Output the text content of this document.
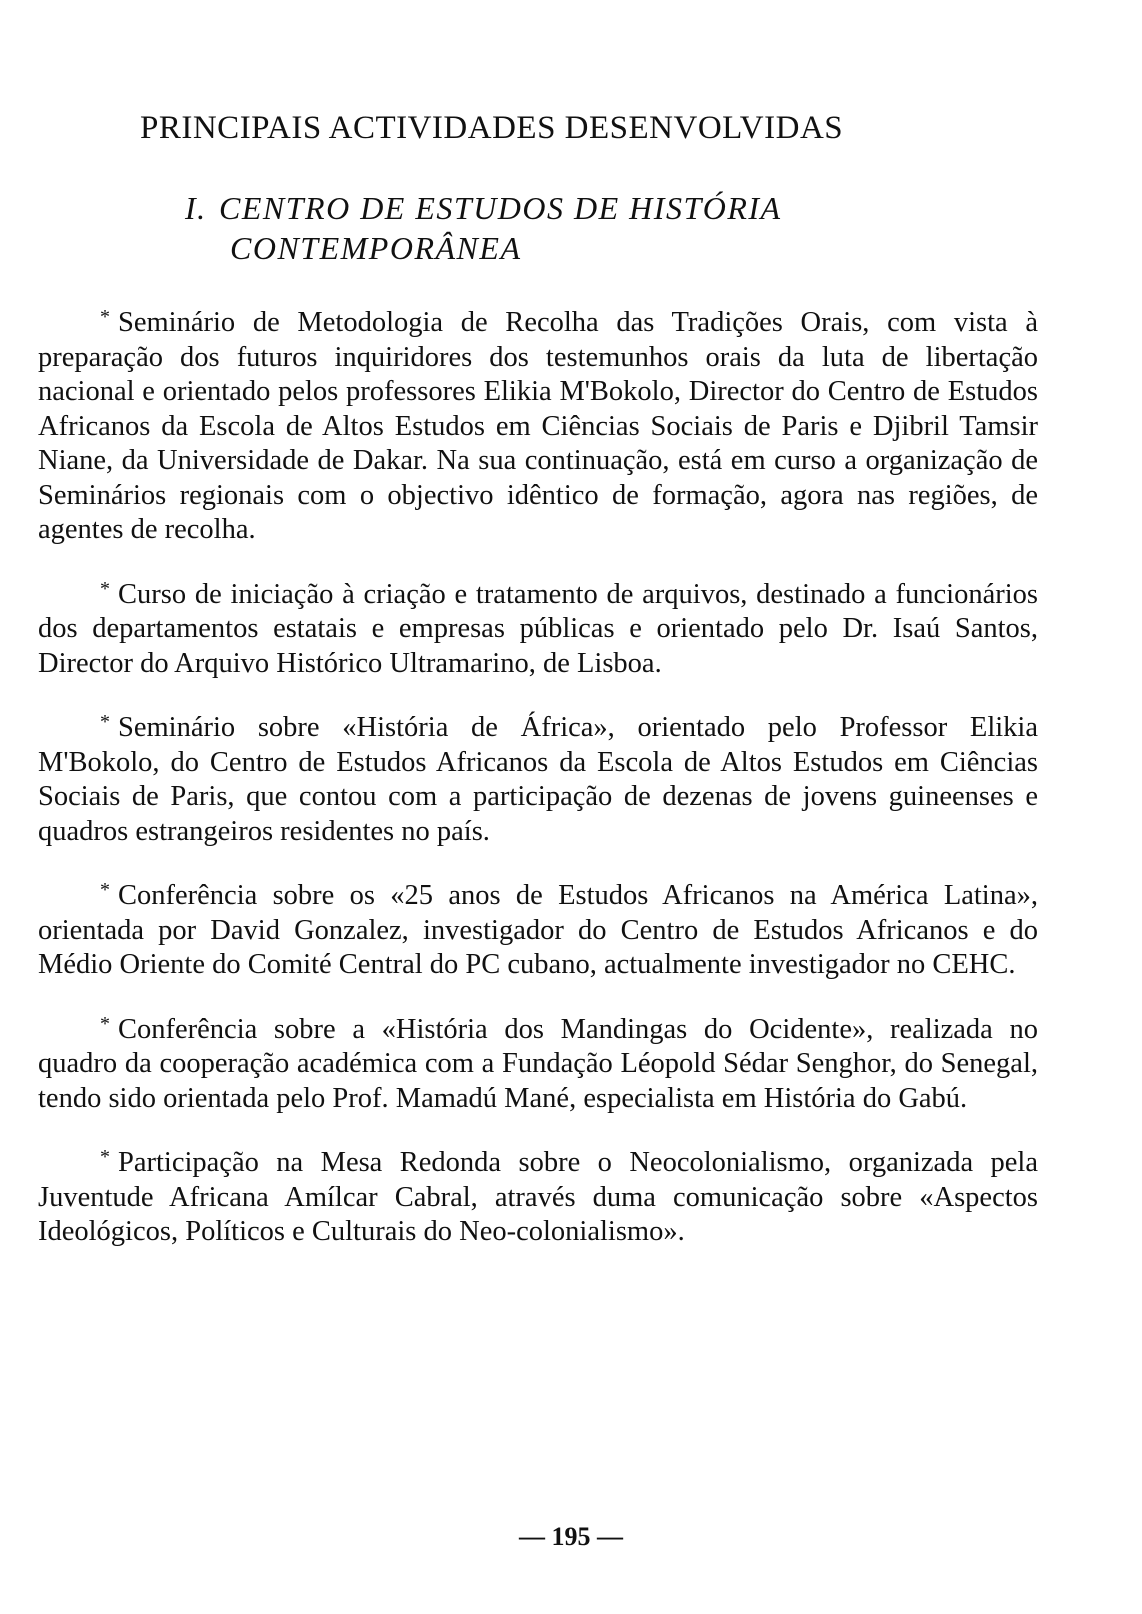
PRINCIPAIS ACTIVIDADES DESENVOLVIDAS
I. CENTRO DE ESTUDOS DE HISTÓRIA
CONTEMPORÂNEA

* Seminário de Metodologia de Recolha das Tradições Orais, com vista à preparação dos futuros inquiridores dos testemunhos orais da luta de libertação nacional e orientado pelos professores Elikia M'Bokolo, Director do Centro de Estudos Africanos da Escola de Altos Estudos em Ciências Sociais de Paris e Djibril Tamsir Niane, da Universidade de Dakar. Na sua continuação, está em curso a organização de Seminários regionais com o objectivo idêntico de formação, agora nas regiões, de agentes de recolha.

* Curso de iniciação à criação e tratamento de arquivos, destinado a funcionários dos departamentos estatais e empresas públicas e orientado pelo Dr. Isaú Santos, Director do Arquivo Histórico Ultramarino, de Lisboa.

* Seminário sobre «História de África», orientado pelo Professor Elikia M'Bokolo, do Centro de Estudos Africanos da Escola de Altos Estudos em Ciências Sociais de Paris, que contou com a participação de dezenas de jovens guineenses e quadros estrangeiros residentes no país.

* Conferência sobre os «25 anos de Estudos Africanos na América Latina», orientada por David Gonzalez, investigador do Centro de Estudos Africanos e do Médio Oriente do Comité Central do PC cubano, actualmente investigador no CEHC.

* Conferência sobre a «História dos Mandingas do Ocidente», realizada no quadro da cooperação académica com a Fundação Léopold Sédar Senghor, do Senegal, tendo sido orientada pelo Prof. Mamadú Mané, especialista em História do Gabú.

* Participação na Mesa Redonda sobre o Neocolonialismo, organizada pela Juventude Africana Amílcar Cabral, através duma comunicação sobre «Aspectos Ideológicos, Políticos e Culturais do Neo-colonialismo».

— 195 —
